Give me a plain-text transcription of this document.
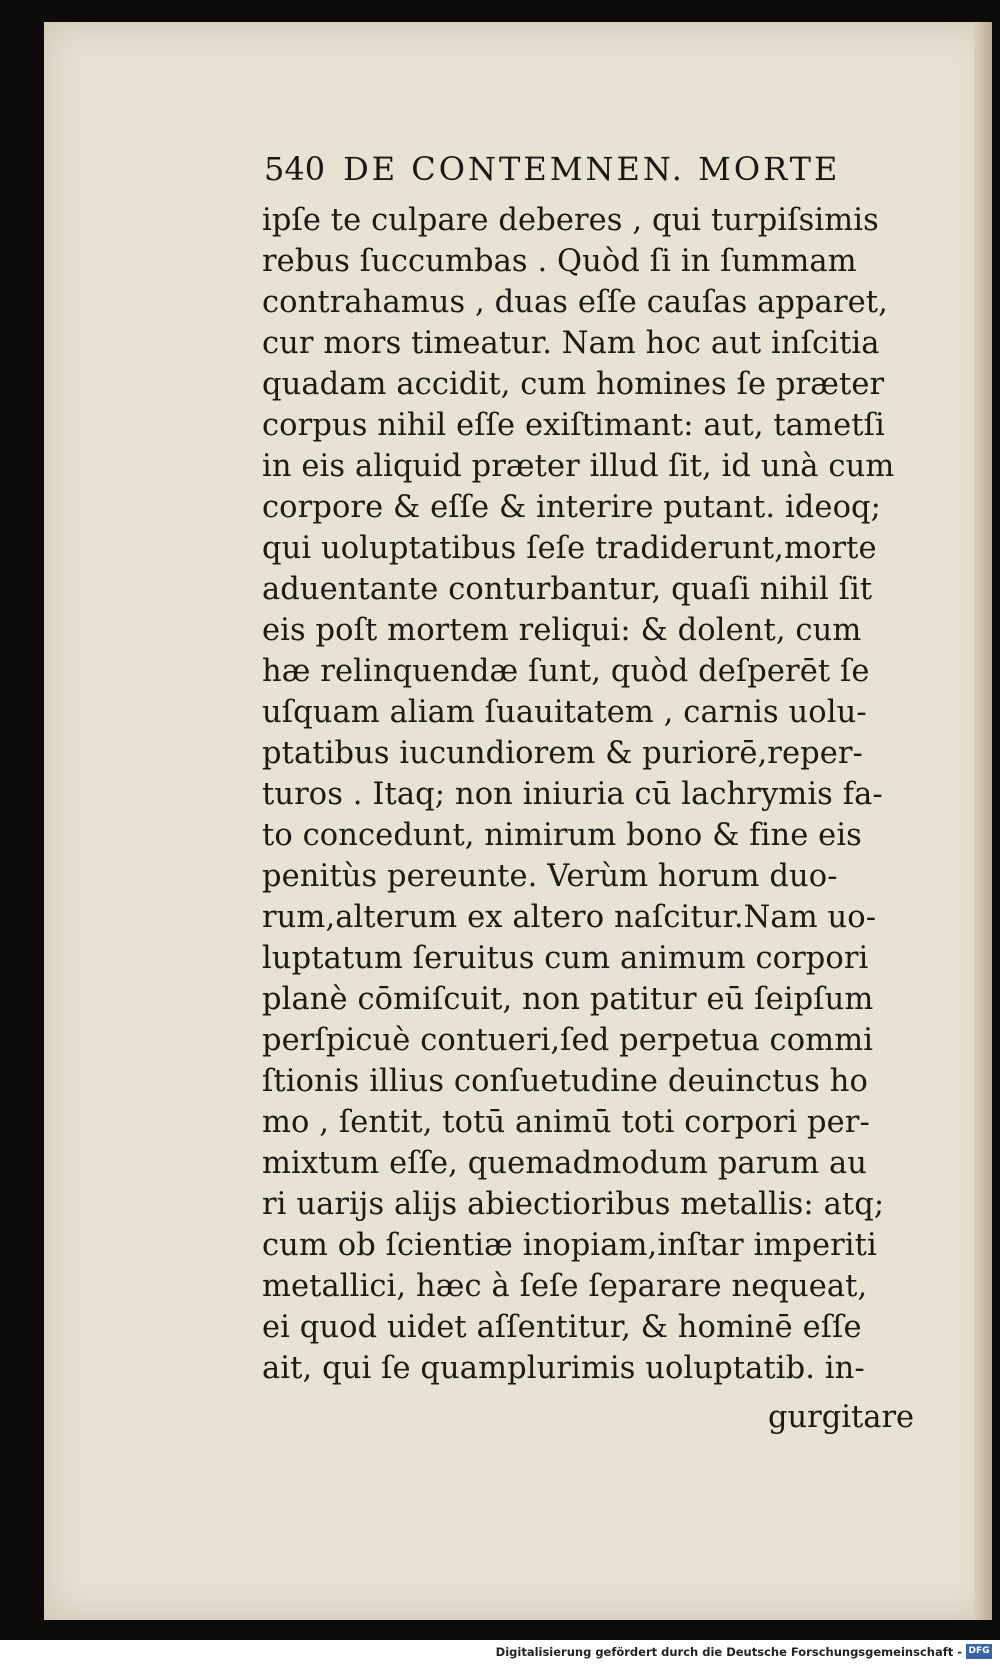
540 DE CONTEMNEN. MORTE
ipſe te culpare deberes , qui turpiſsimis
rebus ſuccumbas . Quòd ſi in ſummam
contrahamus , duas eſſe cauſas apparet,
cur mors timeatur. Nam hoc aut inſcitia
quadam accidit, cum homines ſe præter
corpus nihil eſſe exiſtimant: aut, tametſi
in eis aliquid præter illud ſit, id unà cum
corpore & eſſe & interire putant. ideoq;
qui uoluptatibus ſeſe tradiderunt,morte
aduentante conturbantur, quaſi nihil ſit
eis poſt mortem reliqui: & dolent, cum
hæ relinquendæ ſunt, quòd deſperēt ſe
uſquam aliam ſuauitatem , carnis uolu-
ptatibus iucundiorem & puriorē,reper-
turos . Itaq; non iniuria cū lachrymis fa-
to concedunt, nimirum bono & fine eis
penitùs pereunte. Verùm horum duo-
rum,alterum ex altero naſcitur.Nam uo-
luptatum ſeruitus cum animum corpori
planè cōmiſcuit, non patitur eū ſeipſum
perſpicuè contueri,ſed perpetua commi
ſtionis illius conſuetudine deuinctus ho
mo , ſentit, totū animū toti corpori per-
mixtum eſſe, quemadmodum parum au
ri uarijs alijs abiectioribus metallis: atq;
cum ob ſcientiæ inopiam,inſtar imperiti
metallici, hæc à ſeſe ſeparare nequeat,
ei quod uidet aſſentitur, & hominē eſſe
ait, qui ſe quamplurimis uoluptatib. in-
gurgitare
Digitalisierung gefördert durch die Deutsche Forschungsgemeinschaft - DFG
